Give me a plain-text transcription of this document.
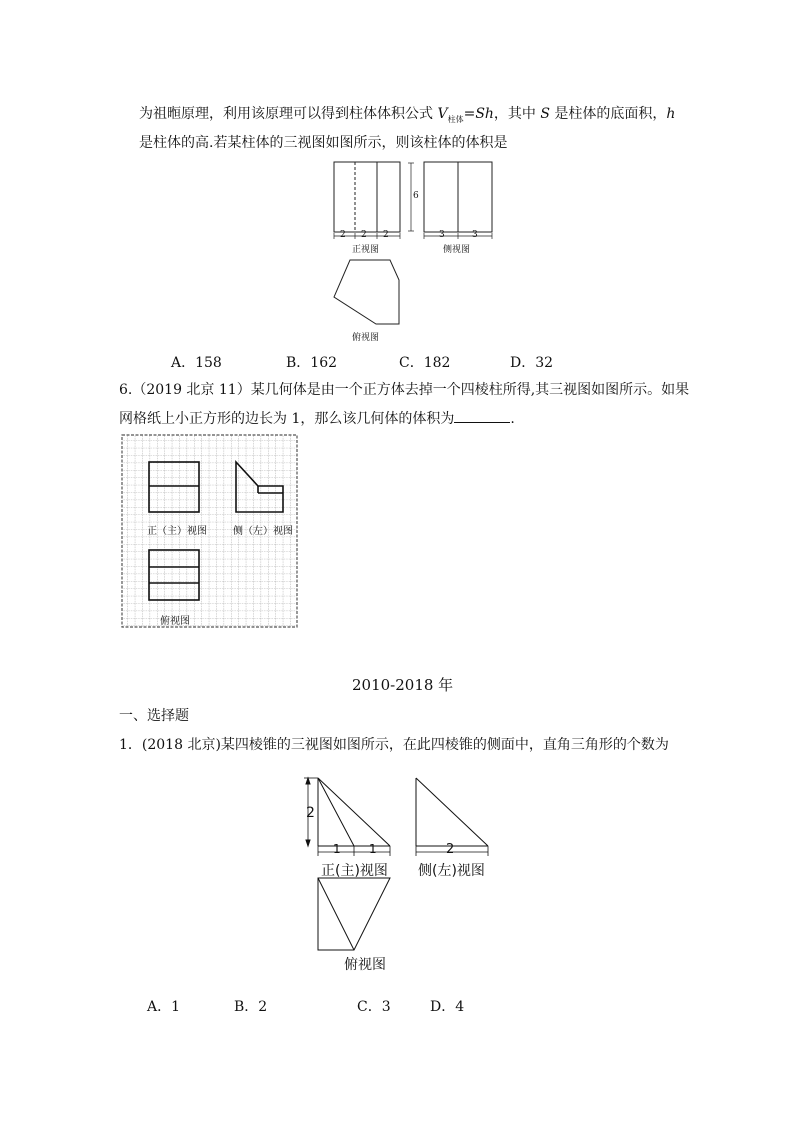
为祖暅原理，利用该原理可以得到柱体体积公式 $V_{柱体}=Sh$，其中 S 是柱体的底面积，h
是柱体的高.若某柱体的三视图如图所示，则该柱体的体积是
2 2 2
6
3	3
正视图	侧视图
俯视图
A．158	B．162	C．182	D．32
6.（2019 北京 11）某几何体是由一个正方体去掉一个四棱柱所得,其三视图如图所示。如果
网格纸上小正方形的边长为 1，那么该几何体的体积为	.
正（主）视图	侧（左）视图
俯视图
2010-2018 年
一、选择题
1．(2018 北京)某四棱锥的三视图如图所示，在此四棱锥的侧面中，直角三角形的个数为
2
1 1	2
正(主)视图 侧(左)视图
俯视图
A．1	B．2	C．3	D．4
